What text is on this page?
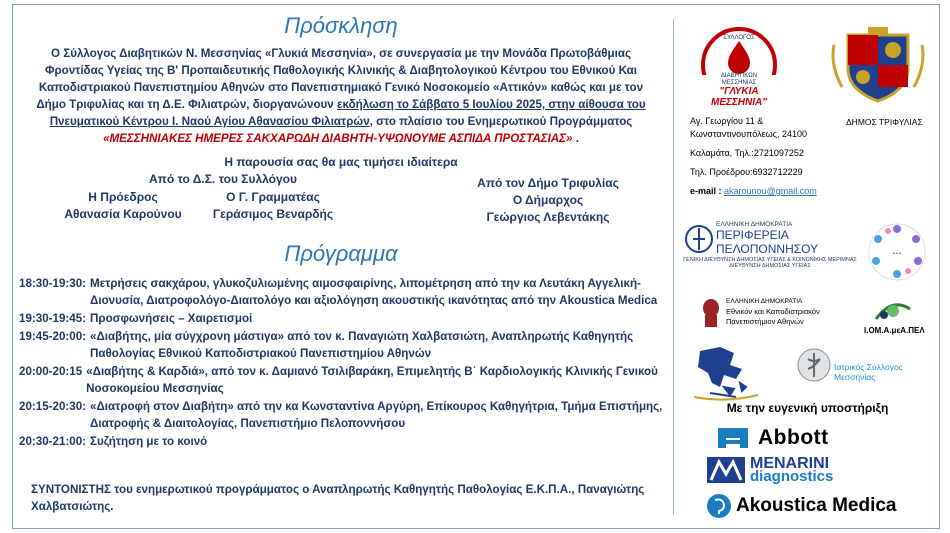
Πρόσκληση
Ο Σύλλογος Διαβητικών Ν. Μεσσηνίας «Γλυκιά Μεσσηνία», σε συνεργασία με την Μονάδα Πρωτοβάθμιας Φροντίδας Υγείας της Β' Προπαιδευτικής Παθολογικής Κλινικής & Διαβητολογικού Κέντρου του Εθνικού Και Καποδιστριακού Πανεπιστημίου Αθηνών στο Πανεπιστημιακό Γενικό Νοσοκομείο «Αττικόν» καθώς και με τον Δήμο Τριφυλίας και τη Δ.Ε. Φιλιατρών, διοργανώνουν εκδήλωση το Σάββατο 5 Ιουλίου 2025, στην αίθουσα του Πνευματικού Κέντρου Ι. Ναού Αγίου Αθανασίου Φιλιατρών, στο πλαίσιο του Ενημερωτικού Προγράμματος
«ΜΕΣΣΗΝΙΑΚΕΣ ΗΜΕΡΕΣ ΣΑΚΧΑΡΩΔΗ ΔΙΑΒΗΤΗ-ΥΨΩΝΟΥΜΕ ΑΣΠΙΔΑ ΠΡΟΣΤΑΣΙΑΣ» .
Η παρουσία σας θα μας τιμήσει ιδιαίτερα
Από το Δ.Σ. του Συλλόγου
Η Πρόεδρος
Αθανασία Καρούνου
Ο Γ. Γραμματέας
Γεράσιμος Βεναρδής
Από τον Δήμο Τριφυλίας
Ο Δήμαρχος
Γεώργιος Λεβεντάκης
Πρόγραμμα
18:30-19:30: Μετρήσεις σακχάρου, γλυκοζυλιωμένης αιμοσφαιρίνης, λιπομέτρηση από την κα Λευτάκη Αγγελική-Διονυσία, Διατροφολόγο-Διαιτολόγο και αξιολόγηση ακουστικής ικανότητας από την Akoustica Medica
19:30-19:45: Προσφωνήσεις – Χαιρετισμοί
19:45-20:00: «Διαβήτης, μία σύγχρονη μάστιγα» από τον κ. Παναγιώτη Χαλβατσιώτη, Αναπληρωτής Καθηγητής Παθολογίας Εθνικού Καποδιστριακού Πανεπιστημίου Αθηνών
20:00-20:15 «Διαβήτης & Καρδιά», από τον κ. Δαμιανό Τσιλιβαράκη, Επιμελητής Β΄ Καρδιολογικής Κλινικής Γενικού Νοσοκομείου Μεσσηνίας
20:15-20:30: «Διατροφή στον Διαβήτη» από την κα Κωνσταντίνα Αργύρη, Επίκουρος Καθηγήτρια, Τμήμα Επιστήμης, Διατροφής & Διαιτολογίας, Πανεπιστήμιο Πελοποννήσου
20:30-21:00: Συζήτηση με το κοινό
ΣΥΝΤΟΝΙΣΤΗΣ του ενημερωτικού προγράμματος ο Αναπληρωτής Καθηγητής Παθολογίας Ε.Κ.Π.Α., Παναγιώτης Χαλβατσιώτης.
ΣΥΛΛΟΓΟΣ
ΔΙΑΒΗΤΙΚΩΝ
ΜΕΣΣΗΝΙΑΣ
"ΓΛΥΚΙΑ
ΜΕΣΣΗΝΙΑ"
ΔΗΜΟΣ ΤΡΙΦΥΛΙΑΣ
Αγ. Γεωργίου 11 &
Κωνσταντινουπόλεως, 24100
Καλαμάτα, Τηλ.:2721097252
Τηλ. Προέδρου:6932712229
e-mail : akarounou@gmail.com
ΕΛΛΗΝΙΚΗ ΔΗΜΟΚΡΑΤΙΑ
ΠΕΡΙΦΕΡΕΙΑ
ΠΕΛΟΠΟΝΝΗΣΟΥ
ΓΕΝΙΚΗ ΔΙΕΥΘΥΝΣΗ ΔΗΜΟΣΙΑΣ ΥΓΕΙΑΣ & ΚΟΙΝΩΝΙΚΗΣ ΜΕΡΙΜΝΑΣ
ΔΙΕΥΘΥΝΣΗ ΔΗΜΟΣΙΑΣ ΥΓΕΙΑΣ
• • •
ΕΛΛΗΝΙΚΗ ΔΗΜΟΚΡΑΤΙΑ
Εθνικόν και Καποδιστριακόν
Πανεπιστήμιον Αθηνών
Ι.ΟΜ.Α.μεΑ.ΠΕΛ
Ιατρικός Σύλλογος Μεσσηνίας
Με την ευγενική υποστήριξη
Abbott
MENARINI
diagnostics
Akoustica Medica
